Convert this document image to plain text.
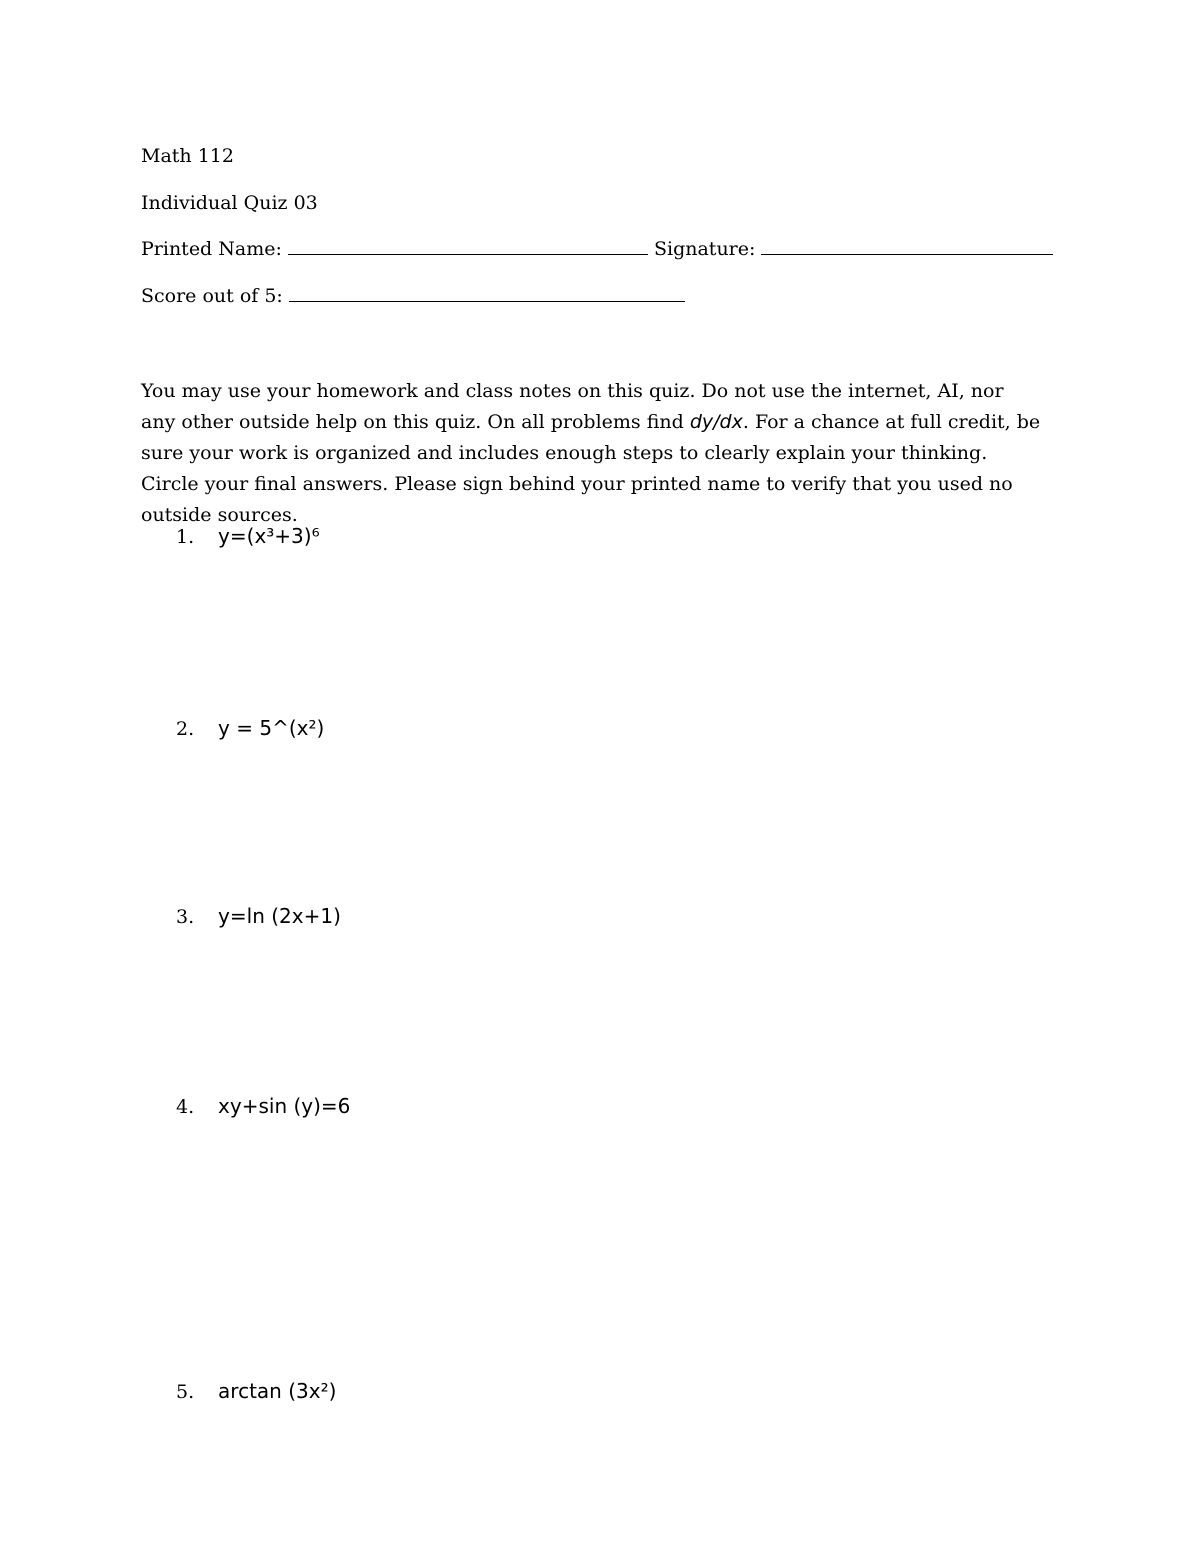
Math 112
Individual Quiz 03
Printed Name:	Signature:
Score out of 5:

You may use your homework and class notes on this quiz. Do not use the internet, AI, nor any other outside help on this quiz. On all problems find dy/dx. For a chance at full credit, be sure your work is organized and includes enough steps to clearly explain your thinking. Circle your final answers. Please sign behind your printed name to verify that you used no outside sources.

1. y=(x³+3)⁶
2. y = 5^(x²)
3. y=ln (2x+1)
4. xy+sin (y)=6
5. arctan (3x²)
